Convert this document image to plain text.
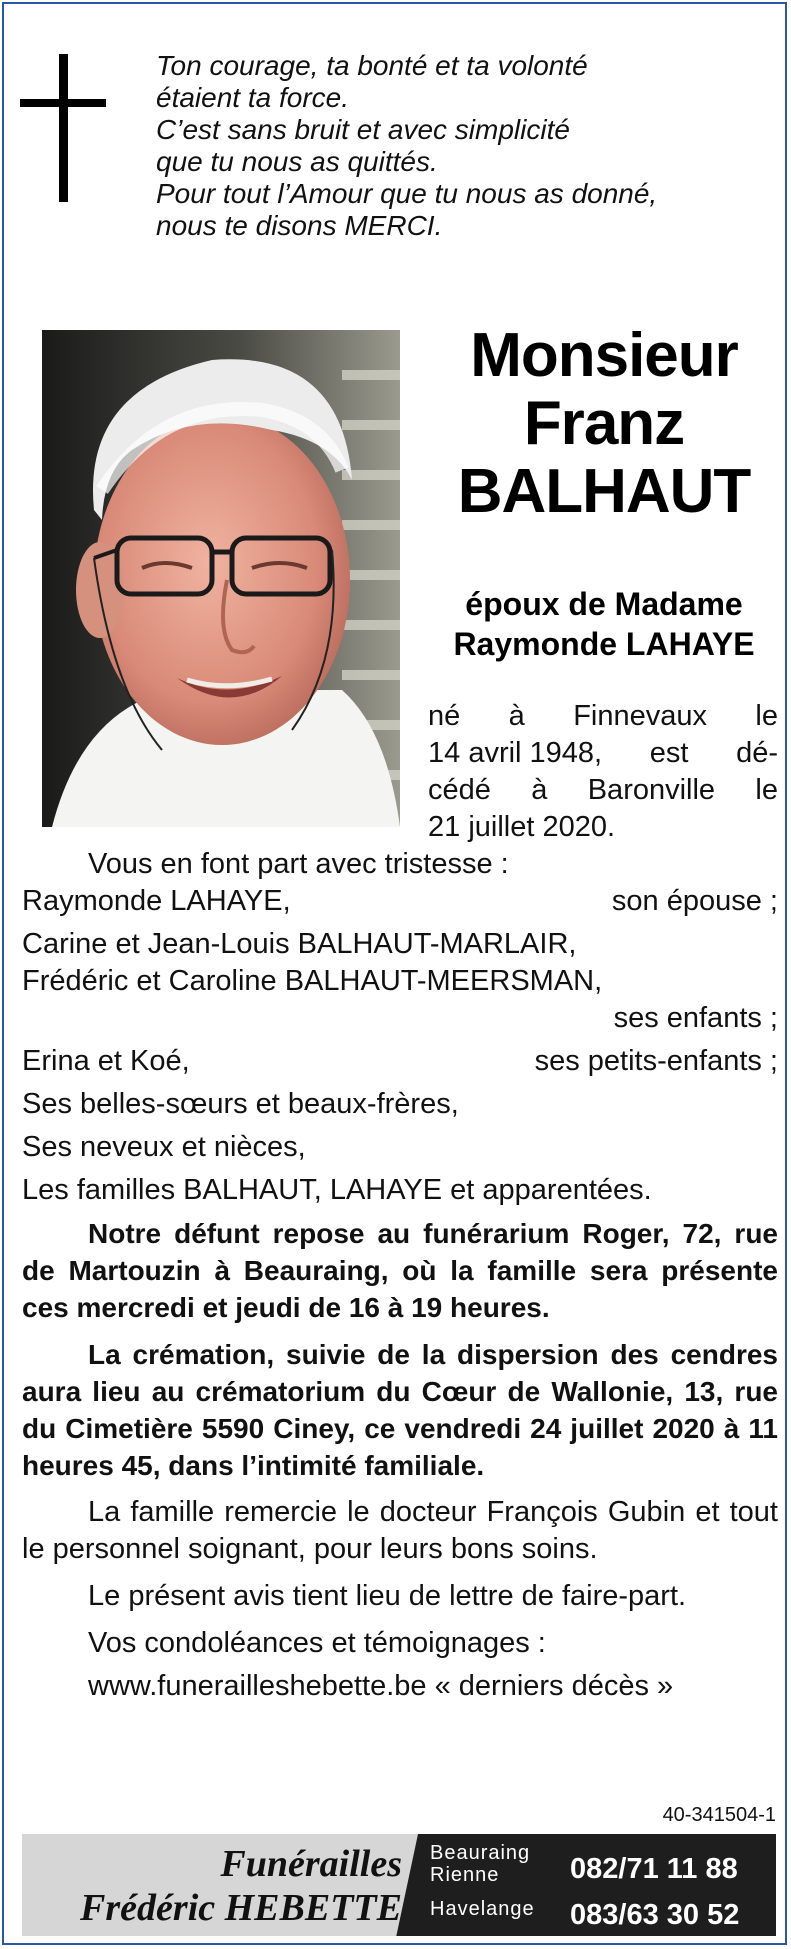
Ton courage, ta bonté et ta volonté
étaient ta force.
C’est sans bruit et avec simplicité
que tu nous as quittés.
Pour tout l’Amour que tu nous as donné,
nous te disons MERCI.
Monsieur
Franz
BALHAUT
époux de Madame
Raymonde LAHAYE
né à Finnevaux le
14 avril 1948, est dé-
cédé à Baronville le
21 juillet 2020.
Vous en font part avec tristesse :
Raymonde LAHAYE,	son épouse ;
Carine et Jean-Louis BALHAUT-MARLAIR,
Frédéric et Caroline BALHAUT-MEERSMAN,
ses enfants ;
Erina et Koé,	ses petits-enfants ;
Ses belles-sœurs et beaux-frères,
Ses neveux et nièces,
Les familles BALHAUT, LAHAYE et apparentées.
Notre défunt repose au funérarium Roger, 72, rue de Martouzin à Beauraing, où la famille sera présente ces mercredi et jeudi de 16 à 19 heures.
La crémation, suivie de la dispersion des cendres aura lieu au crématorium du Cœur de Wallonie, 13, rue du Cimetière 5590 Ciney, ce vendredi 24 juillet 2020 à 11 heures 45, dans l’intimité familiale.
La famille remercie le docteur François Gubin et tout le personnel soignant, pour leurs bons soins.
Le présent avis tient lieu de lettre de faire-part.
Vos condoléances et témoignages :
www.funerailleshebette.be « derniers décès »
40-341504-1
Funérailles
Frédéric HEBETTE
Beauraing
Rienne
Havelange
082/71 11 88
083/63 30 52
